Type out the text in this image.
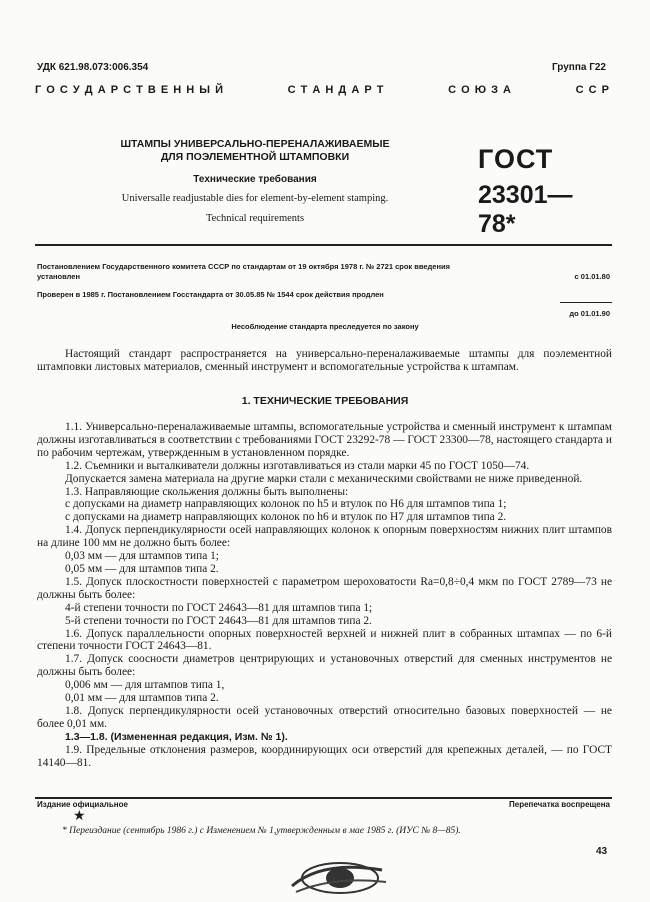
УДК 621.98.073:006.354	Группа Г22
Г О С У Д А Р С Т В Е Н Н Ы Й	С Т А Н Д А Р Т	С О Ю З А	С С Р
ШТАМПЫ УНИВЕРСАЛЬНО-ПЕРЕНАЛАЖИВАЕМЫЕ
ДЛЯ ПОЭЛЕМЕНТНОЙ ШТАМПОВКИ
Технические требования
Universalle readjustable dies for element-by-element stamping.
Technical requirements
ГОСТ
23301—78*
Постановлением Государственного комитета СССР по стандартам от 19 октября 1978 г. № 2721 срок введения
установлен	с 01.01.80
Проверен в 1985 г. Постановлением Госстандарта от 30.05.85 № 1544 срок действия продлен
до 01.01.90
Несоблюдение стандарта преследуется по закону

Настоящий стандарт распространяется на универсально-переналаживаемые штампы для поэлементной штамповки листовых материалов, сменный инструмент и вспомогательные устройства к штампам.

1. ТЕХНИЧЕСКИЕ ТРЕБОВАНИЯ

1.1. Универсально-переналаживаемые штампы, вспомогательные устройства и сменный инструмент к штампам должны изготавливаться в соответствии с требованиями ГОСТ 23292-78 — ГОСТ 23300—78, настоящего стандарта и по рабочим чертежам, утвержденным в установленном порядке.

1.2. Съемники и выталкиватели должны изготавливаться из стали марки 45 по ГОСТ 1050—74.

Допускается замена материала на другие марки стали с механическими свойствами не ниже приведенной.

1.3. Направляющие скольжения должны быть выполнены:

с допусками на диаметр направляющих колонок по h5 и втулок по H6 для штампов типа 1;

с допусками на диаметр направляющих колонок по h6 и втулок по H7 для штампов типа 2.

1.4. Допуск перпендикулярности осей направляющих колонок к опорным поверхностям нижних плит штампов на длине 100 мм не должно быть более:

0,03 мм — для штампов типа 1;

0,05 мм — для штампов типа 2.

1.5. Допуск плоскостности поверхностей с параметром шероховатости Ra=0,8÷0,4 мкм по ГОСТ 2789—73 не должны быть более:

4-й степени точности по ГОСТ 24643—81 для штампов типа 1;

5-й степени точности по ГОСТ 24643—81 для штампов типа 2.

1.6. Допуск параллельности опорных поверхностей верхней и нижней плит в собранных штампах — по 6-й степени точности ГОСТ 24643—81.

1.7. Допуск соосности диаметров центрирующих и установочных отверстий для сменных инструментов не должны быть более:

0,006 мм — для штампов типа 1,

0,01 мм — для штампов типа 2.

1.8. Допуск перпендикулярности осей установочных отверстий относительно базовых поверхностей — не более 0,01 мм.

1.3—1.8. (Измененная редакция, Изм. № 1).

1.9. Предельные отклонения размеров, координирующих оси отверстий для крепежных деталей, — по ГОСТ 14140—81.

Издание официальное	Перепечатка воспрещена
★
* Переиздание (сентябрь 1986 г.) с Изменением № 1,утвержденным в мае 1985 г. (ИУС № 8—85).
43
